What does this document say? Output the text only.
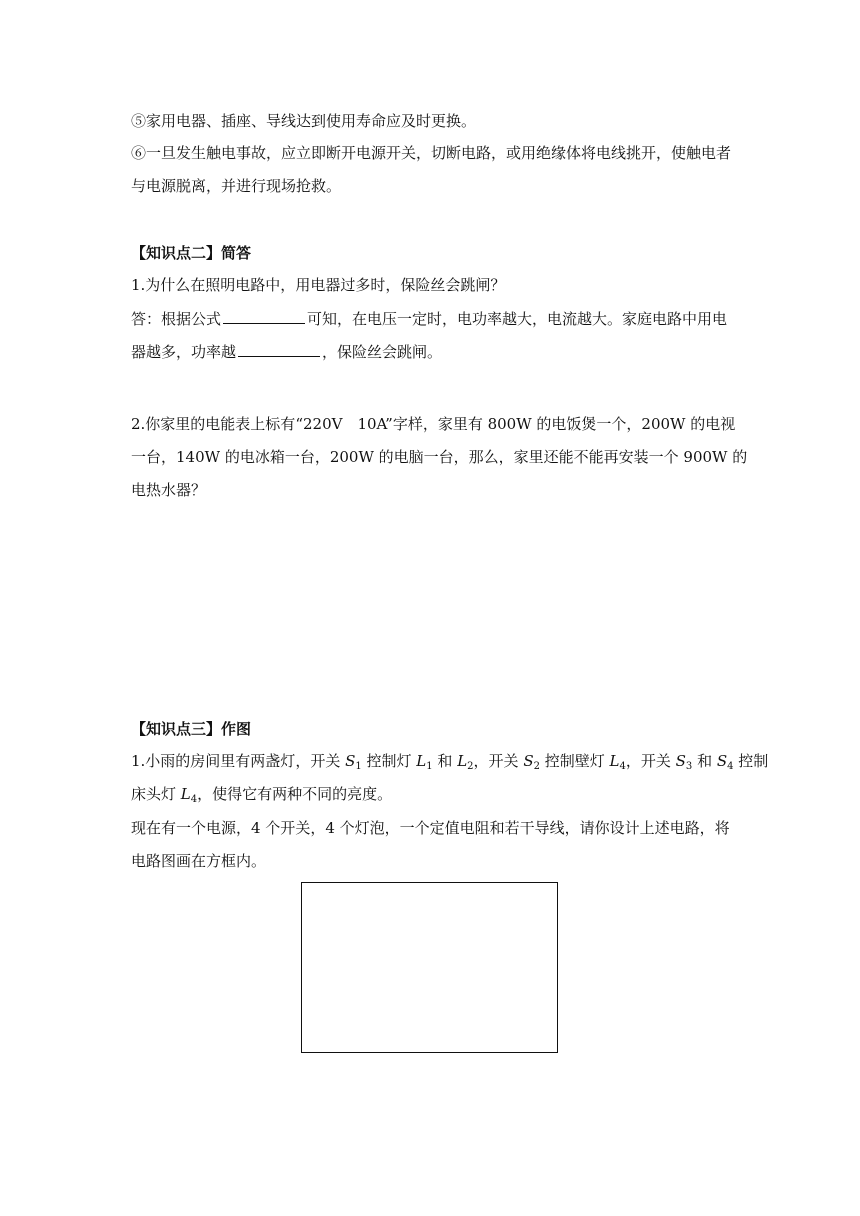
⑤家用电器、插座、导线达到使用寿命应及时更换。
⑥一旦发生触电事故，应立即断开电源开关，切断电路，或用绝缘体将电线挑开，使触电者
与电源脱离，并进行现场抢救。
【知识点二】简答
1.为什么在照明电路中，用电器过多时，保险丝会跳闸？
答：根据公式	可知，在电压一定时，电功率越大，电流越大。家庭电路中用电
器越多，功率越	，保险丝会跳闸。
2.你家里的电能表上标有“220V　10A”字样，家里有 800W 的电饭煲一个，200W 的电视
一台，140W 的电冰箱一台，200W 的电脑一台，那么，家里还能不能再安装一个 900W 的
电热水器？
【知识点三】作图
1.小雨的房间里有两盏灯，开关 $S_1$ 控制灯 $L_1$ 和 $L_2$，开关 $S_2$ 控制壁灯 $L_4$，开关 $S_3$ 和 $S_4$ 控制
床头灯 $L_4$，使得它有两种不同的亮度。
现在有一个电源，4 个开关，4 个灯泡，一个定值电阻和若干导线，请你设计上述电路，将
电路图画在方框内。
